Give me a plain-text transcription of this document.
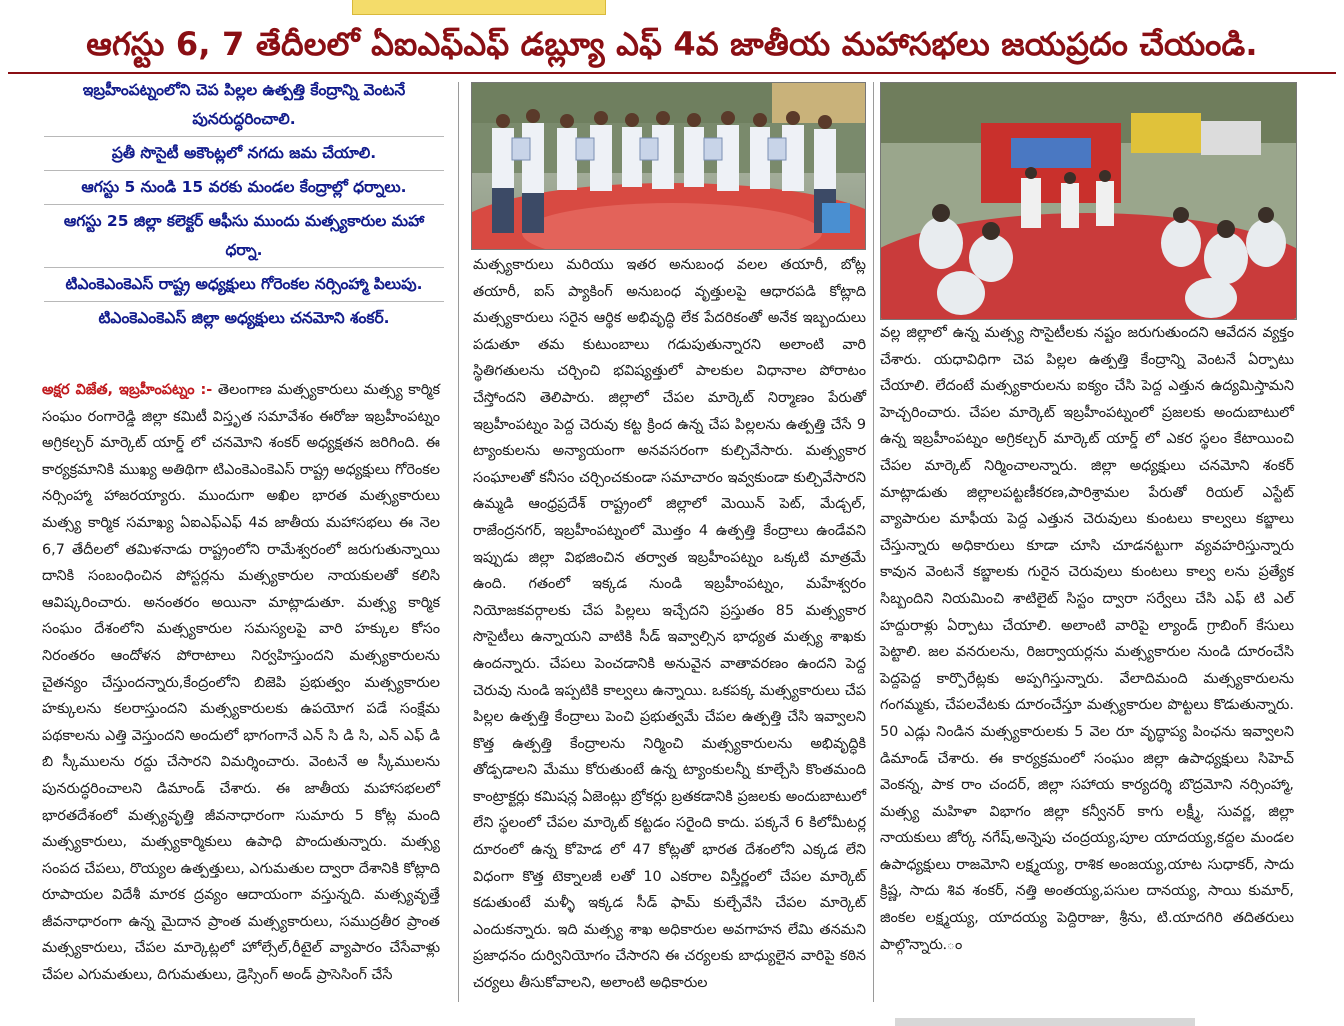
ఆగస్టు 6, 7 తేదీలలో ఏఐఎఫ్ఎఫ్ డబ్ల్యూ ఎఫ్ 4వ జాతీయ మహాసభలు జయప్రదం చేయండి.
ఇబ్రహీంపట్నంలోని చెప పిల్లల ఉత్పత్తి కేంద్రాన్ని వెంటనే పునరుద్ధరించాలి.
ప్రతీ సొసైటీ అకౌంట్లలో నగదు జమ చేయాలి.
ఆగస్టు 5 నుండి 15 వరకు మండల కేంద్రాల్లో ధర్నాలు.
ఆగస్టు 25 జిల్లా కలెక్టర్ ఆఫీసు ముందు మత్స్యకారుల మహా ధర్నా.
టిఎంకెఎంకెఎస్ రాష్ట్ర అధ్యక్షులు గోరెంకల నర్సింహ్మా పిలుపు.
టిఎంకెఎంకెఎస్ జిల్లా అధ్యక్షులు చనమోని శంకర్.
అక్షర విజేత, ఇబ్రహీంపట్నం :- తెలంగాణ మత్స్యకారులు మత్స్య కార్మిక సంఘం రంగారెడ్డి జిల్లా కమిటీ విస్తృత సమావేశం ఈరోజు ఇబ్రహీంపట్నం అగ్రికల్చర్ మార్కెట్ యార్డ్ లో చనమోని శంకర్ అధ్యక్షతన జరిగింది. ఈ కార్యక్రమానికి ముఖ్య అతిథిగా టిఎంకెఎంకెఎస్ రాష్ట్ర అధ్యక్షులు గోరెంకల నర్సింహ్మా హాజరయ్యారు. ముందుగా అఖిల భారత మత్స్యకారులు మత్స్య కార్మిక సమాఖ్య ఏఐఎఫ్ఎఫ్ 4వ జాతీయ మహాసభలు ఈ నెల 6,7 తేదీలలో తమిళనాడు రాష్ట్రంలోని రామేశ్వరంలో జరుగుతున్నాయి దానికి సంబంధించిన పోస్టర్లను మత్స్యకారుల నాయకులతో కలిసి ఆవిష్కరించారు. అనంతరం అయినా మాట్లాడుతూ. మత్స్య కార్మిక సంఘం దేశంలోని మత్స్యకారుల సమస్యలపై వారి హక్కుల కోసం నిరంతరం ఆందోళన పోరాటాలు నిర్వహిస్తుందని మత్స్యకారులను చైతన్యం చేస్తుందన్నారు,కేంద్రంలోని బిజెపి ప్రభుత్వం మత్స్యకారుల హక్కులను కలరాస్తుందని మత్స్యకారులకు ఉపయోగ పడే సంక్షేమ పథకాలను ఎత్తి వెస్తుందని అందులో భాగంగానే ఎన్ సి డి సి, ఎన్ ఎఫ్ డి బి స్కీములను రద్దు చేసారని విమర్శించారు. వెంటనే అ స్కీములను పునరుద్ధరించాలని డిమాండ్ చేశారు. ఈ జాతీయ మహాసభలలో భారతదేశంలో మత్స్యవృత్తి జీవనాధారంగా సుమారు 5 కోట్ల మంది మత్స్యకారులు, మత్స్యకార్మికులు ఉపాధి పొందుతున్నారు. మత్స్య సంపద చేపలు, రొయ్యల ఉత్పత్తులు, ఎగుమతుల ద్వారా దేశానికి కోట్లాది రూపాయల విదేశీ మారక ద్రవ్యం ఆదాయంగా వస్తున్నది. మత్స్యవృత్తే జీవనాధారంగా ఉన్న మైదాన ప్రాంత మత్స్యకారులు, సముద్రతీర ప్రాంత మత్స్యకారులు, చేపల మార్కెట్లలో హోల్సేల్,రీటైల్ వ్యాపారం చేసేవాళ్లు చేపల ఎగుమతులు, దిగుమతులు, డ్రెస్సింగ్ అండ్ ప్రాసెసింగ్ చేసే
మత్స్యకారులు మరియు ఇతర అనుబంధ వలల తయారీ, బోట్ల తయారీ, ఐస్ ప్యాకింగ్ అనుబంధ వృత్తులపై ఆధారపడి కోట్లాది మత్స్యకారులు సరైన ఆర్థిక అభివృద్ధి లేక పేదరికంతో అనేక ఇబ్బందులు పడుతూ తమ కుటుంబాలు గడుపుతున్నారని అలాంటి వారి స్థితిగతులను చర్చించి భవిష్యత్తులో పాలకుల విధానాల పోరాటం చేస్తోందని తెలిపారు. జిల్లాలో చేపల మార్కెట్ నిర్మాణం పేరుతో ఇబ్రహీంపట్నం పెద్ద చెరువు కట్ట క్రింద ఉన్న చేప పిల్లలను ఉత్పత్తి చేసే 9 ట్యాంకులను అన్యాయంగా అనవసరంగా కుల్చివేసారు. మత్స్యకార సంఘాలతో కనీసం చర్చించకుండా సమాచారం ఇవ్వకుండా కుల్చివేసారని ఉమ్మడి ఆంధ్రప్రదేశ్ రాష్ట్రంలో జిల్లాలో మెయిన్ పెట్, మేడ్చల్, రాజేంద్రనగర్, ఇబ్రహీంపట్నంలో మొత్తం 4 ఉత్పత్తి కేంద్రాలు ఉండేవని ఇప్పుడు జిల్లా విభజించిన తర్వాత ఇబ్రహీంపట్నం ఒక్కటి మాత్రమే ఉంది. గతంలో ఇక్కడ నుండి ఇబ్రహీంపట్నం, మహేశ్వరం నియోజకవర్గాలకు చేప పిల్లలు ఇచ్చేదని ప్రస్తుతం 85 మత్స్యకార సొసైటీలు ఉన్నాయని వాటికి సీడ్ ఇవ్వాల్సిన భాధ్యత మత్స్య శాఖకు ఉందన్నారు. చేపలు పెంచడానికి అనువైన వాతావరణం ఉందని పెద్ద చెరువు నుండి ఇప్పటికి కాల్వలు ఉన్నాయి. ఒకపక్క మత్స్యకారులు చేప పిల్లల ఉత్పత్తి కేంద్రాలు పెంచి ప్రభుత్వమే చేపల ఉత్పత్తి చేసి ఇవ్వాలని కొత్త ఉత్పత్తి కేంద్రాలను నిర్మించి మత్స్యకారులను అభివృద్ధికి తోడ్పడాలని మేము కోరుతుంటే ఉన్న ట్యాంకులన్నీ కూల్చేసి కొంతమంది కాంట్రాక్టర్లు కమిషన్ల ఏజెంట్లు బ్రోకర్లు బ్రతకడానికి ప్రజలకు అందుబాటులో లేని స్థలంలో చేపల మార్కెట్ కట్టడం సరైంది కాదు. పక్కనే 6 కిలోమీటర్ల దూరంలో ఉన్న కోహెడ లో 47 కోట్లతో భారత దేశంలోని ఎక్కడ లేని విధంగా కొత్త టెక్నాలజీ లతో 10 ఎకరాల విస్తీర్ణంలో చేపల మార్కెట్ కడుతుంటే మళ్ళీ ఇక్కడ సీడ్ ఫామ్ కుల్చేవేసి చేపల మార్కెట్ ఎందుకన్నారు. ఇది మత్స్య శాఖ అధికారుల అవగాహన లేమి తనమని ప్రజాధనం దుర్వినియోగం చేసారని ఈ చర్యలకు బాధ్యులైన వారిపై కఠిన చర్యలు తీసుకోవాలని, అలాంటి అధికారుల
వల్ల జిల్లాలో ఉన్న మత్స్య సొసైటీలకు నష్టం జరుగుతుందని ఆవేదన వ్యక్తం చేశారు. యధావిధిగా చెప పిల్లల ఉత్పత్తి కేంద్రాన్ని వెంటనే ఏర్పాటు చేయాలి. లేదంటే మత్స్యకారులను ఐక్యం చేసి పెద్ద ఎత్తున ఉద్యమిస్తామని హెచ్చరించారు. చేపల మార్కెట్ ఇబ్రహీంపట్నంలో ప్రజలకు అందుబాటులో ఉన్న ఇబ్రహీంపట్నం అగ్రికల్చర్ మార్కెట్ యార్డ్ లో ఎకర స్థలం కేటాయించి చేపల మార్కెట్ నిర్మించాలన్నారు. జిల్లా అధ్యక్షులు చనమోని శంకర్ మాట్లాడుతు జిల్లాలపట్టణీకరణ,పారిశ్రామల పేరుతో రియల్ ఎస్టేట్ వ్యాపారుల మాఫీయ పెద్ద ఎత్తున చెరువులు కుంటలు కాల్వలు కబ్జాలు చేస్తున్నారు అధికారులు కూడా చూసి చూడనట్టుగా వ్యవహరిస్తున్నారు కావున వెంటనే కబ్జాలకు గురైన చెరువులు కుంటలు కాల్వ లను ప్రత్యేక సిబ్బందిని నియమించి శాటిలైట్ సిస్టం ద్వారా సర్వేలు చేసి ఎఫ్ టి ఎల్ హద్దురాళ్లు ఏర్పాటు చేయాలి. అలాంటి వారిపై ల్యాండ్ గ్రాబింగ్ కేసులు పెట్టాలి. జల వనరులను, రిజర్వాయర్లను మత్స్యకారుల నుండి దూరంచేసి పెద్దపెద్ద కార్పొరేట్లకు అప్పగిస్తున్నారు. వేలాదిమంది మత్స్యకారులను గంగమ్మకు, చేపలవేటకు దూరంచేస్తూ మత్స్యకారుల పొట్టలు కొడుతున్నారు. 50 ఎడ్లు నిండిన మత్స్యకారులకు 5 వెల రూ వృద్ధాప్య పింఛను ఇవ్వాలని డిమాండ్ చేశారు. ఈ కార్యక్రమంలో సంఘం జిల్లా ఉపాధ్యక్షులు సిహెచ్ వెంకన్న, పాక రాం చందర్, జిల్లా సహాయ కార్యదర్శి బొద్రమోని నర్సింహ్మా, మత్స్య మహిళా విభాగం జిల్లా కన్వీనర్ కాగు లక్ష్మీ, సువర్ణ, జిల్లా నాయకులు జోర్క నగేష్,అన్నెపు చంద్రయ్య,పూల యాదయ్య,కద్దల మండల ఉపాధ్యక్షులు రాజమోని లక్ష్మయ్య, రాశిక అంజయ్య,యాట సుధాకర్, సాదు క్రిష్ణ, సాదు శివ శంకర్, నత్తి అంతయ్య,పసుల దానయ్య, సాయి కుమార్, జింకల లక్ష్మయ్య, యాదయ్య పెద్దిరాజు, శ్రీను, టి.యాదగిరి తదితరులు పాల్గొన్నారు.ం
